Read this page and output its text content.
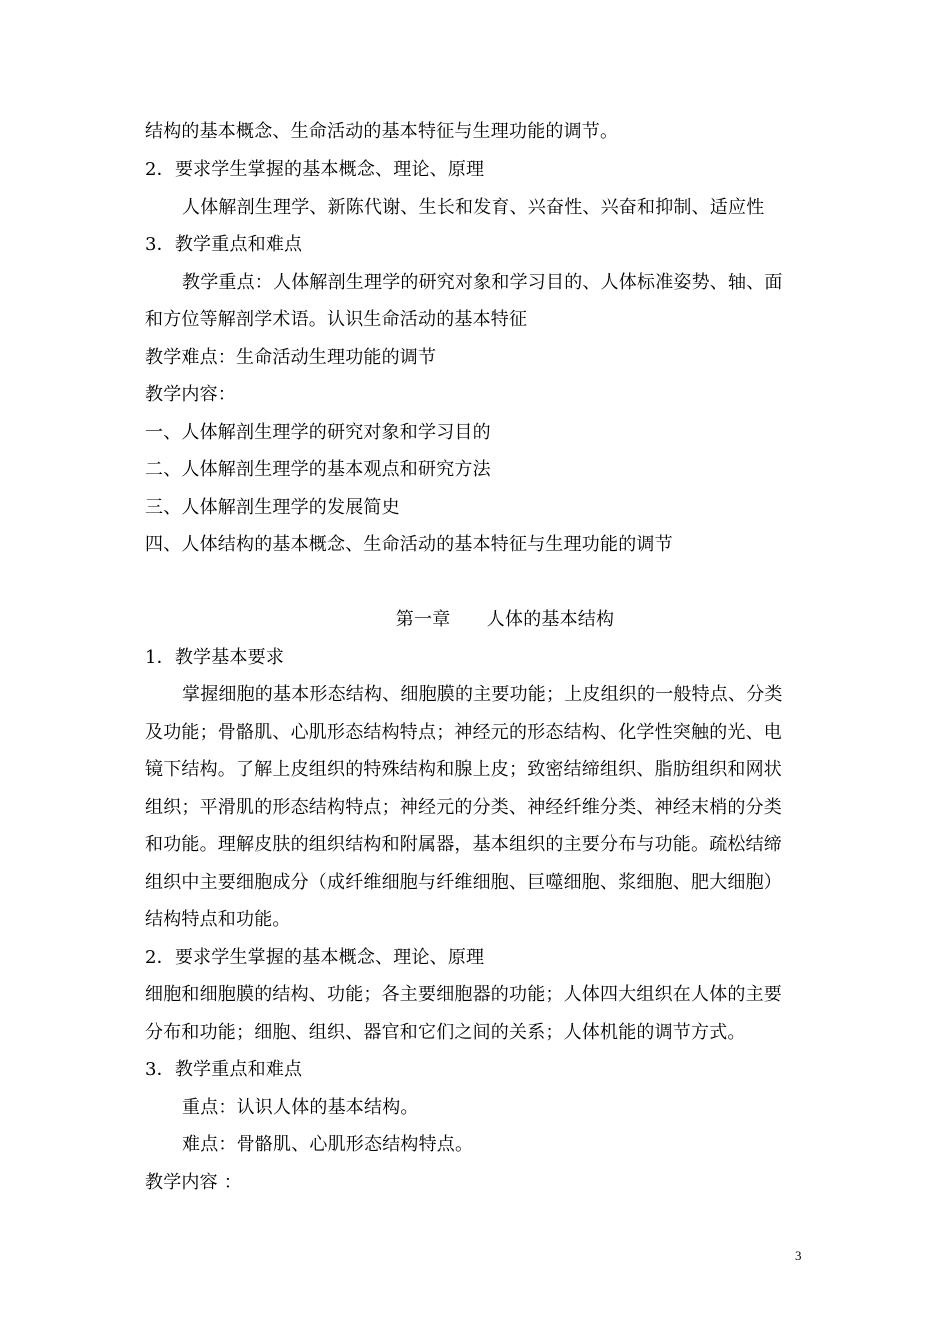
结构的基本概念、生命活动的基本特征与生理功能的调节。
2．要求学生掌握的基本概念、理论、原理
人体解剖生理学、新陈代谢、生长和发育、兴奋性、兴奋和抑制、适应性
3．教学重点和难点
教学重点：人体解剖生理学的研究对象和学习目的、人体标准姿势、轴、面
和方位等解剖学术语。认识生命活动的基本特征
教学难点：生命活动生理功能的调节
教学内容：
一、人体解剖生理学的研究对象和学习目的
二、人体解剖生理学的基本观点和研究方法
三、人体解剖生理学的发展简史
四、人体结构的基本概念、生命活动的基本特征与生理功能的调节
第一章　　人体的基本结构
1．教学基本要求
掌握细胞的基本形态结构、细胞膜的主要功能；上皮组织的一般特点、分类
及功能；骨骼肌、心肌形态结构特点；神经元的形态结构、化学性突触的光、电
镜下结构。了解上皮组织的特殊结构和腺上皮；致密结缔组织、脂肪组织和网状
组织；平滑肌的形态结构特点；神经元的分类、神经纤维分类、神经末梢的分类
和功能。理解皮肤的组织结构和附属器，基本组织的主要分布与功能。疏松结缔
组织中主要细胞成分（成纤维细胞与纤维细胞、巨噬细胞、浆细胞、肥大细胞）
结构特点和功能。
2．要求学生掌握的基本概念、理论、原理
细胞和细胞膜的结构、功能；各主要细胞器的功能；人体四大组织在人体的主要
分布和功能；细胞、组织、器官和它们之间的关系；人体机能的调节方式。
3．教学重点和难点
重点：认识人体的基本结构。
难点：骨骼肌、心肌形态结构特点。
教学内容 ：
3
